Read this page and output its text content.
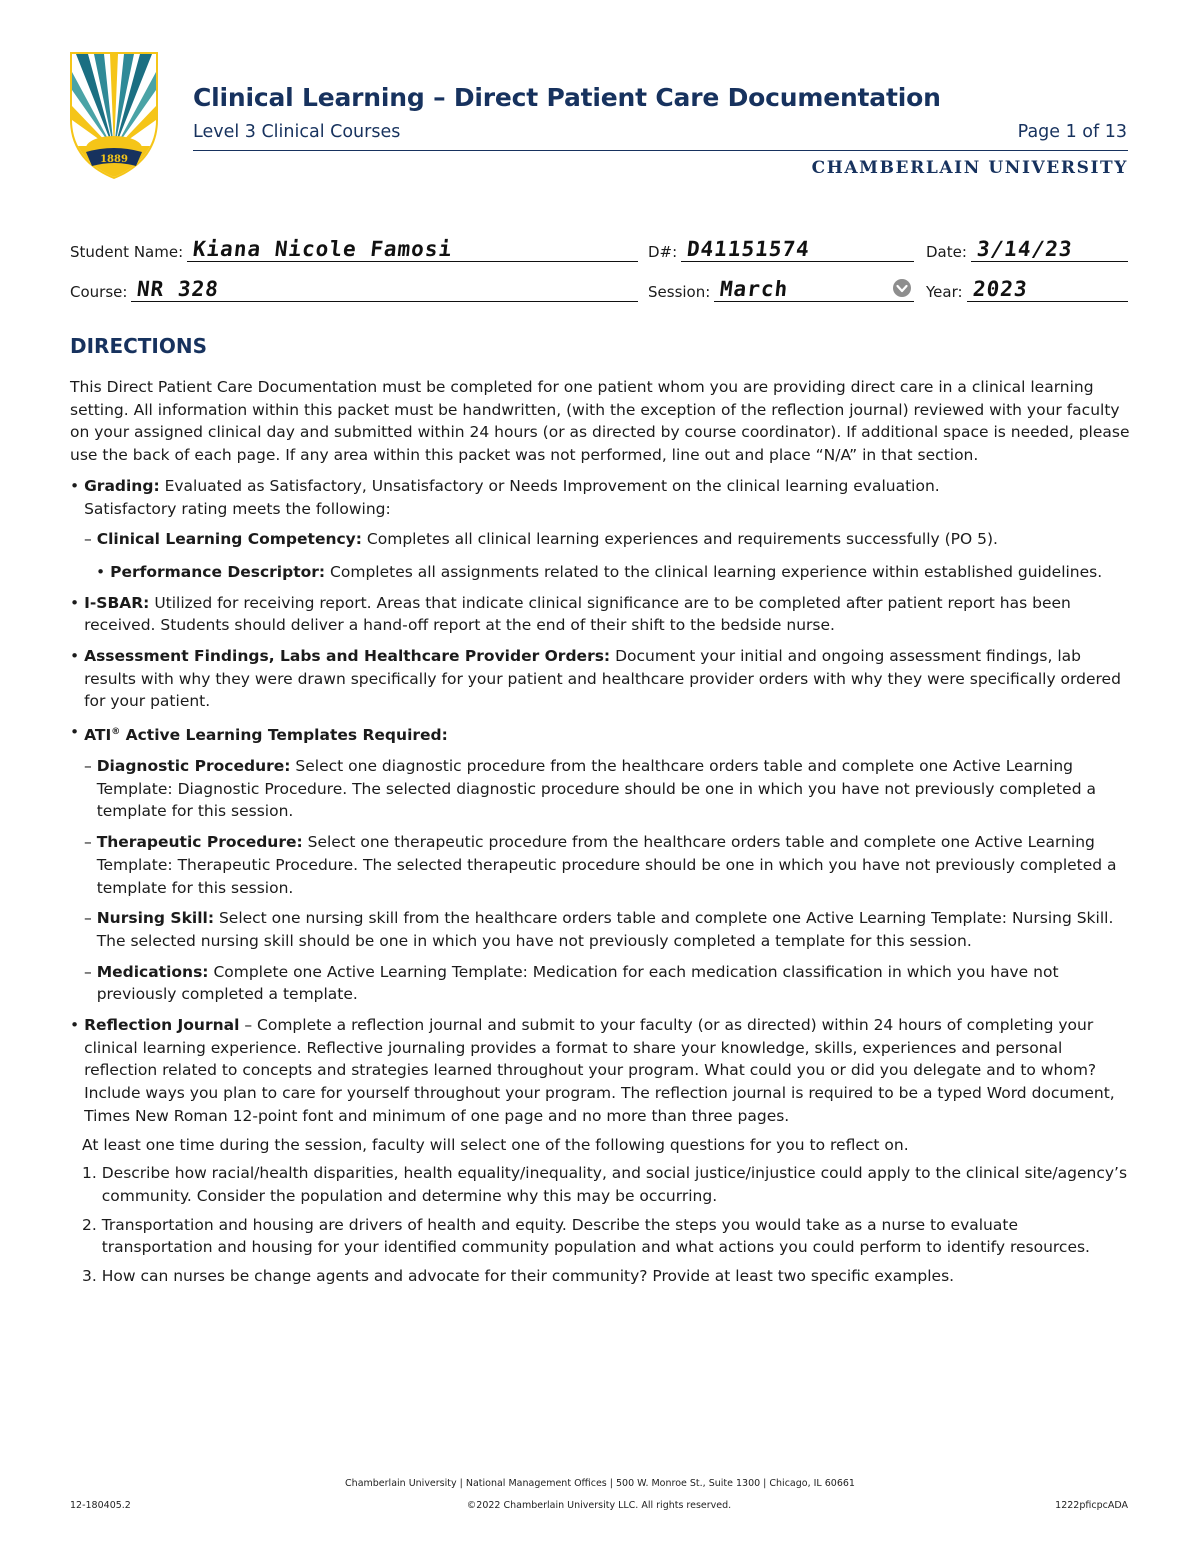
1889
Clinical Learning – Direct Patient Care Documentation
Level 3 Clinical Courses	Page 1 of 13
CHAMBERLAIN UNIVERSITY
Student Name: Kiana Nicole Famosi	D#: D41151574	Date: 3/14/23
Course: NR 328	Session: March	Year: 2023
DIRECTIONS

This Direct Patient Care Documentation must be completed for one patient whom you are providing direct care in a clinical learning setting. All information within this packet must be handwritten, (with the exception of the reflection journal) reviewed with your faculty on your assigned clinical day and submitted within 24 hours (or as directed by course coordinator). If additional space is needed, please use the back of each page. If any area within this packet was not performed, line out and place “N/A” in that section.

• Grading: Evaluated as Satisfactory, Unsatisfactory or Needs Improvement on the clinical learning evaluation.
Satisfactory rating meets the following:
– Clinical Learning Competency: Completes all clinical learning experiences and requirements successfully (PO 5).
• Performance Descriptor: Completes all assignments related to the clinical learning experience within established guidelines.
• I-SBAR: Utilized for receiving report. Areas that indicate clinical significance are to be completed after patient report has been received. Students should deliver a hand-off report at the end of their shift to the bedside nurse.
• Assessment Findings, Labs and Healthcare Provider Orders: Document your initial and ongoing assessment findings, lab results with why they were drawn specifically for your patient and healthcare provider orders with why they were specifically ordered for your patient.
• ATI® Active Learning Templates Required:
– Diagnostic Procedure: Select one diagnostic procedure from the healthcare orders table and complete one Active Learning Template: Diagnostic Procedure. The selected diagnostic procedure should be one in which you have not previously completed a template for this session.
– Therapeutic Procedure: Select one therapeutic procedure from the healthcare orders table and complete one Active Learning Template: Therapeutic Procedure. The selected therapeutic procedure should be one in which you have not previously completed a template for this session.
– Nursing Skill: Select one nursing skill from the healthcare orders table and complete one Active Learning Template: Nursing Skill. The selected nursing skill should be one in which you have not previously completed a template for this session.
– Medications: Complete one Active Learning Template: Medication for each medication classification in which you have not previously completed a template.
• Reflection Journal – Complete a reflection journal and submit to your faculty (or as directed) within 24 hours of completing your clinical learning experience. Reflective journaling provides a format to share your knowledge, skills, experiences and personal reflection related to concepts and strategies learned throughout your program. What could you or did you delegate and to whom? Include ways you plan to care for yourself throughout your program. The reflection journal is required to be a typed Word document, Times New Roman 12-point font and minimum of one page and no more than three pages.

At least one time during the session, faculty will select one of the following questions for you to reflect on.

1. Describe how racial/health disparities, health equality/inequality, and social justice/injustice could apply to the clinical site/agency’s community. Consider the population and determine why this may be occurring.
2. Transportation and housing are drivers of health and equity. Describe the steps you would take as a nurse to evaluate transportation and housing for your identified community population and what actions you could perform to identify resources.
3. How can nurses be change agents and advocate for their community? Provide at least two specific examples.
Chamberlain University | National Management Offices | 500 W. Monroe St., Suite 1300 | Chicago, IL 60661
12-180405.2	©2022 Chamberlain University LLC. All rights reserved.	1222pficpcADA
